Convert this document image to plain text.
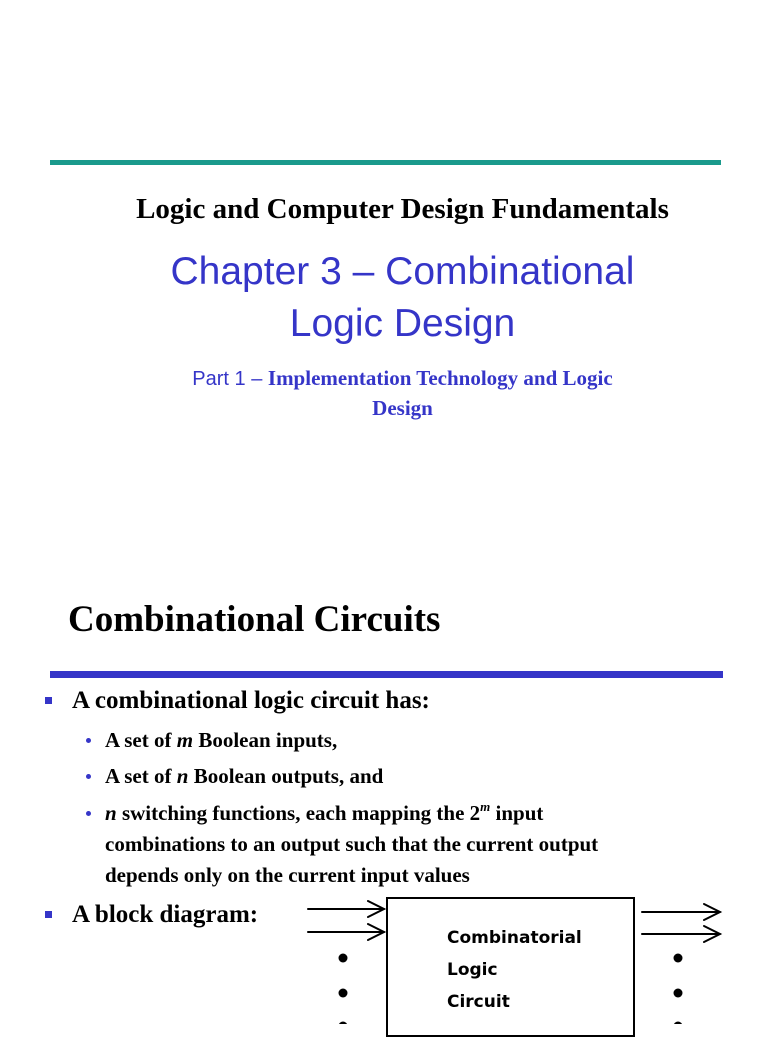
Logic and Computer Design Fundamentals
Chapter 3 – Combinational
Logic Design
Part 1 – Implementation Technology and Logic
Design
Combinational Circuits
A combinational logic circuit has:
A set of m Boolean inputs,
A set of n Boolean outputs, and
n switching functions, each mapping the 2$^m$ input
combinations to an output such that the current output
depends only on the current input values
A block diagram:
Combinatorial
Logic
Circuit
